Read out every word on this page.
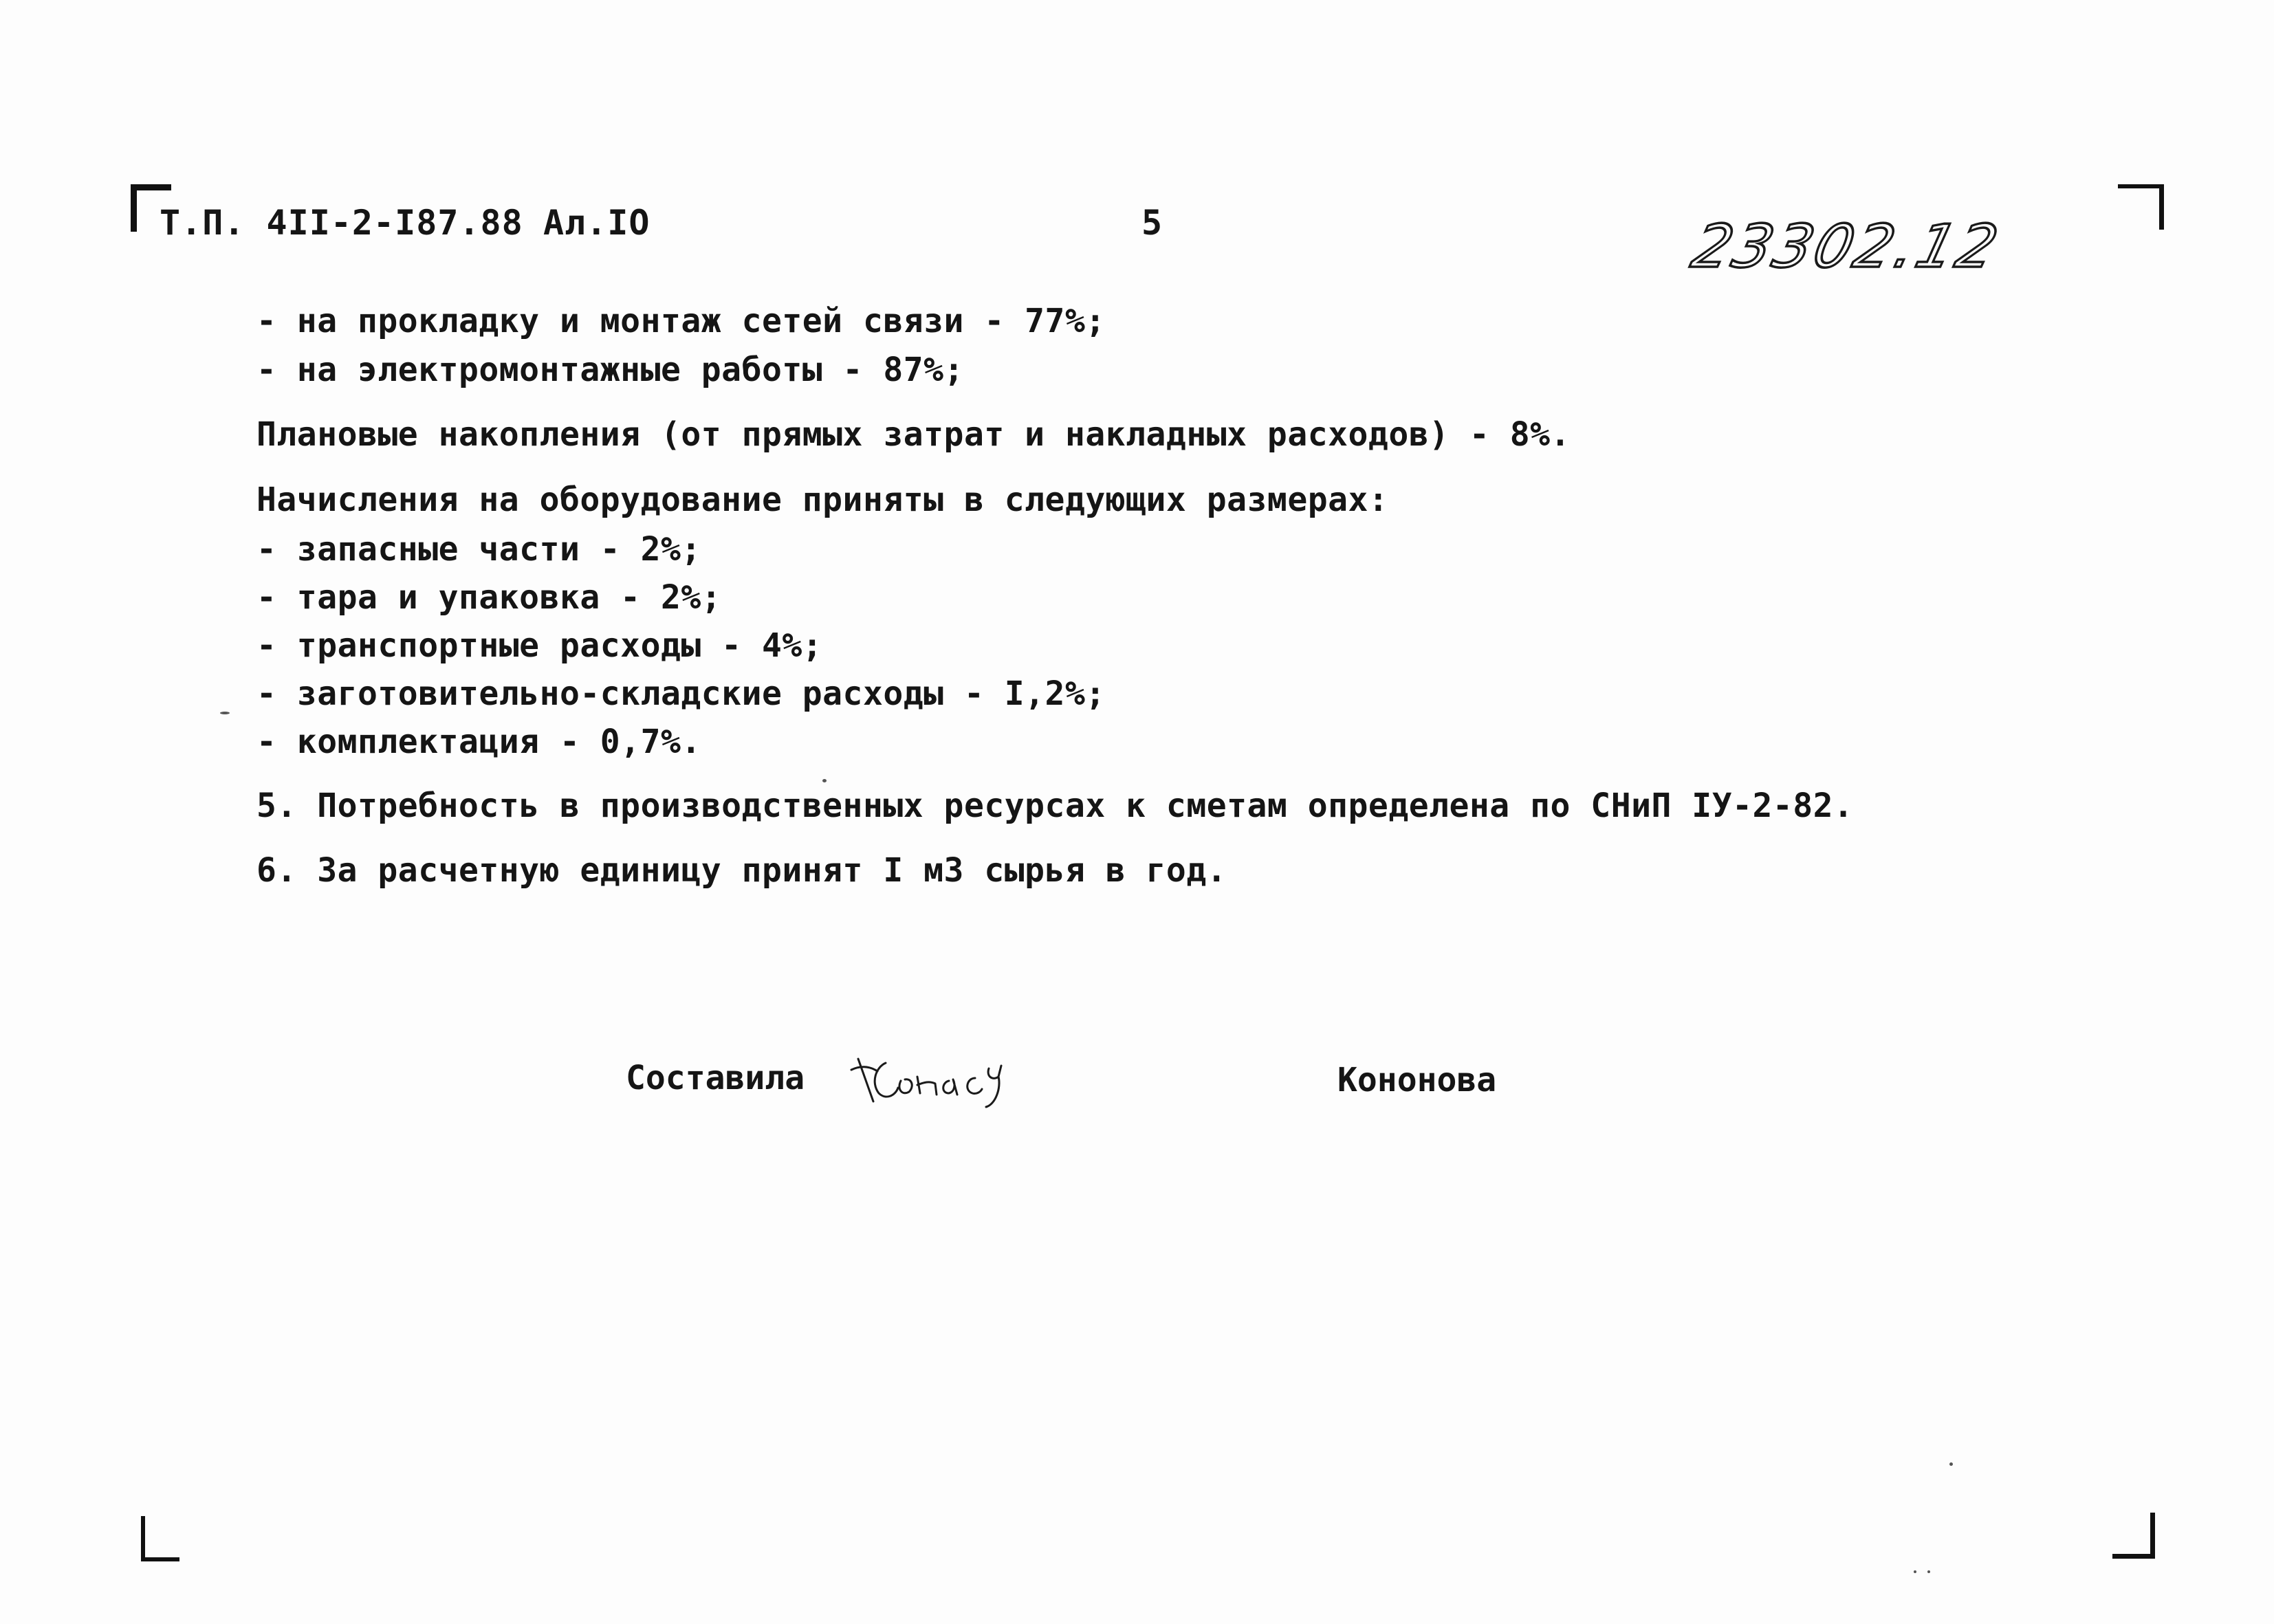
Т.П. 4II-2-I87.88 Ал.IO	5	23302.12
- на прокладку и монтаж сетей связи - 77%;
- на электромонтажные работы - 87%;
Плановые накопления (от прямых затрат и накладных расходов) - 8%.
Начисления на оборудование приняты в следующих размерах:
- запасные части - 2%;
- тара и упаковка - 2%;
- транспортные расходы - 4%;
- заготовительно-складские расходы - I,2%;
- комплектация - 0,7%.
5. Потребность в производственных ресурсах к сметам определена по СНиП IУ-2-82.
6. За расчетную единицу принят I м3 сырья в год.
Составила	Кононова
